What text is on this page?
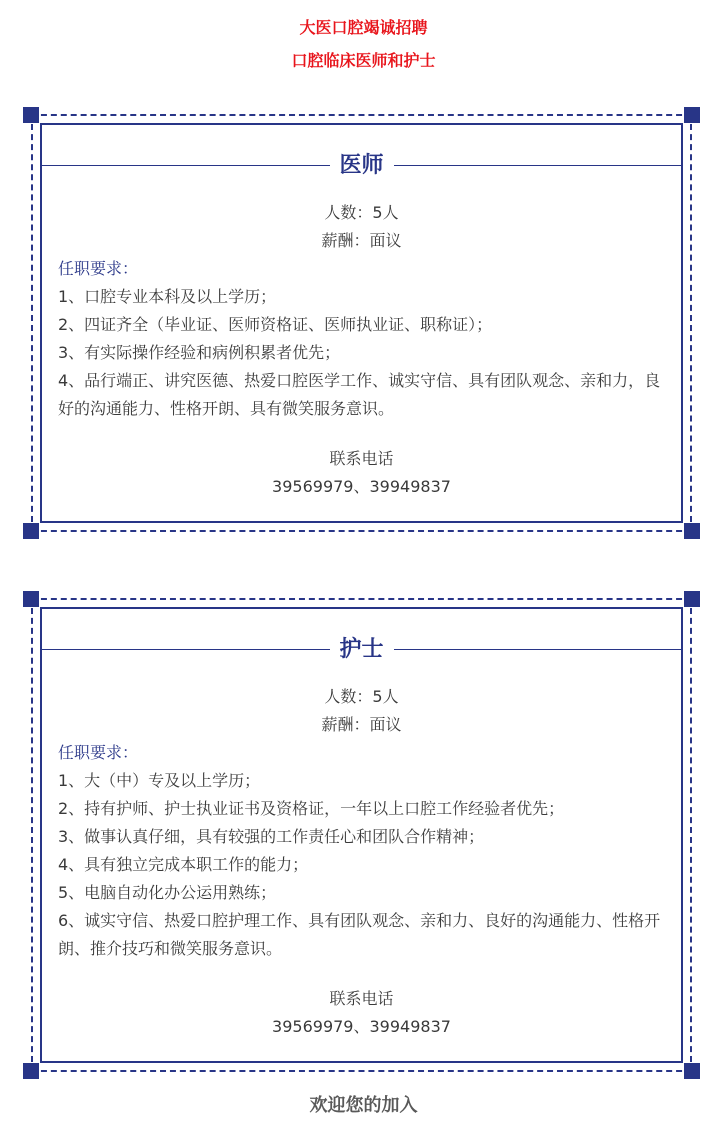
大医口腔竭诚招聘
口腔临床医师和护士
医师
人数：5人
薪酬：面议
任职要求：
1、口腔专业本科及以上学历；
2、四证齐全（毕业证、医师资格证、医师执业证、职称证）；
3、有实际操作经验和病例积累者优先；
4、品行端正、讲究医德、热爱口腔医学工作、诚实守信、具有团队观念、亲和力，良好的沟通能力、性格开朗、具有微笑服务意识。
联系电话
39569979、39949837
护士
人数：5人
薪酬：面议
任职要求：
1、大（中）专及以上学历；
2、持有护师、护士执业证书及资格证，一年以上口腔工作经验者优先；
3、做事认真仔细，具有较强的工作责任心和团队合作精神；
4、具有独立完成本职工作的能力；
5、电脑自动化办公运用熟练；
6、诚实守信、热爱口腔护理工作、具有团队观念、亲和力、良好的沟通能力、性格开朗、推介技巧和微笑服务意识。
联系电话
39569979、39949837
欢迎您的加入
